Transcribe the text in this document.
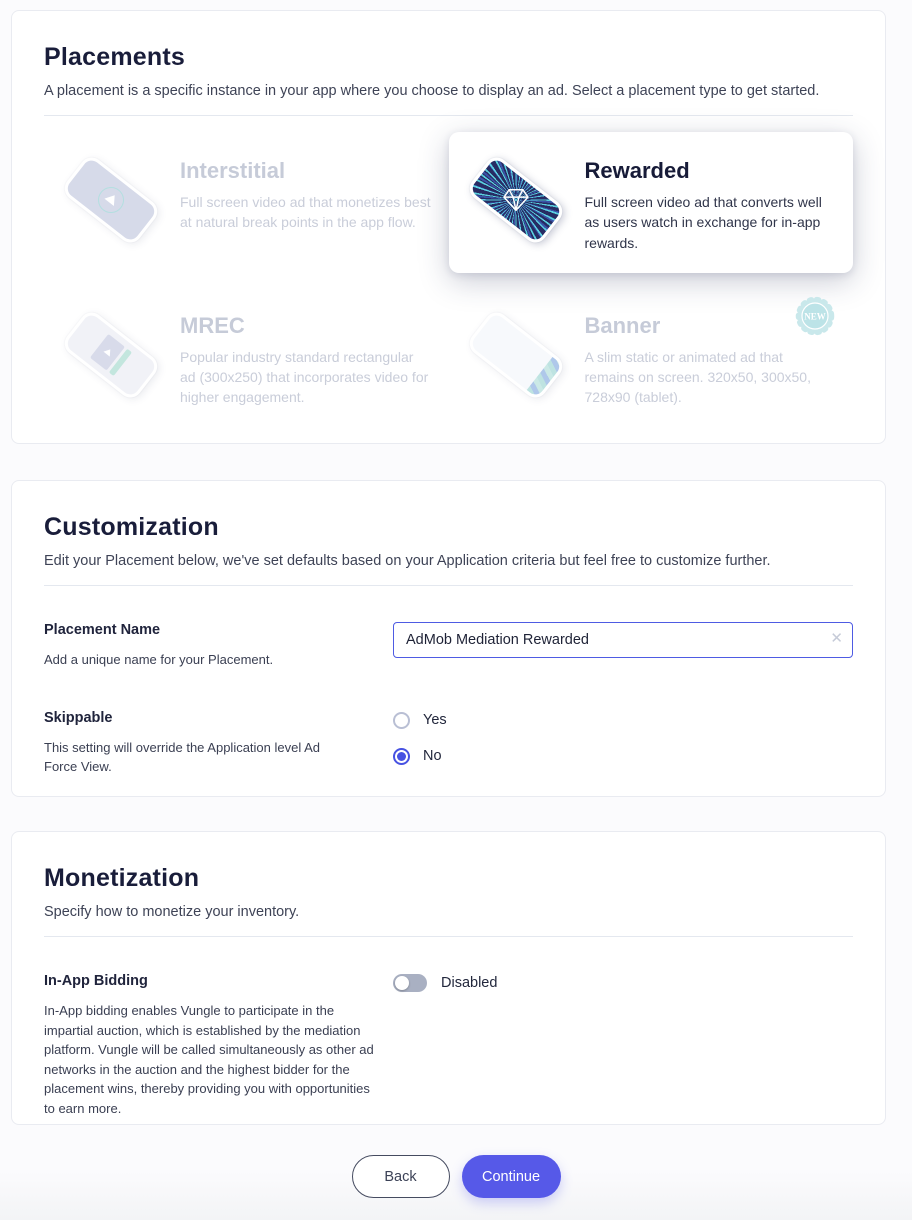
Placements

A placement is a specific instance in your app where you choose to display an ad. Select a placement type to get started.

Interstitial
Full screen video ad that monetizes best at natural break points in the app flow.
Rewarded
Full screen video ad that converts well as users watch in exchange for in-app rewards.
MREC
Popular industry standard rectangular ad (300x250) that incorporates video for higher engagement.
Banner
A slim static or animated ad that remains on screen. 320x50, 300x50, 728x90 (tablet).
NEW
Customization

Edit your Placement below, we've set defaults based on your Application criteria but feel free to customize further.

Placement Name
Add a unique name for your Placement.
AdMob Mediation Rewarded
✕
Skippable
This setting will override the Application level Ad Force View.
Yes
No
Monetization

Specify how to monetize your inventory.

In-App Bidding
In-App bidding enables Vungle to participate in the impartial auction, which is established by the mediation platform. Vungle will be called simultaneously as other ad networks in the auction and the highest bidder for the placement wins, thereby providing you with opportunities to earn more.
Disabled
Back	Continue
